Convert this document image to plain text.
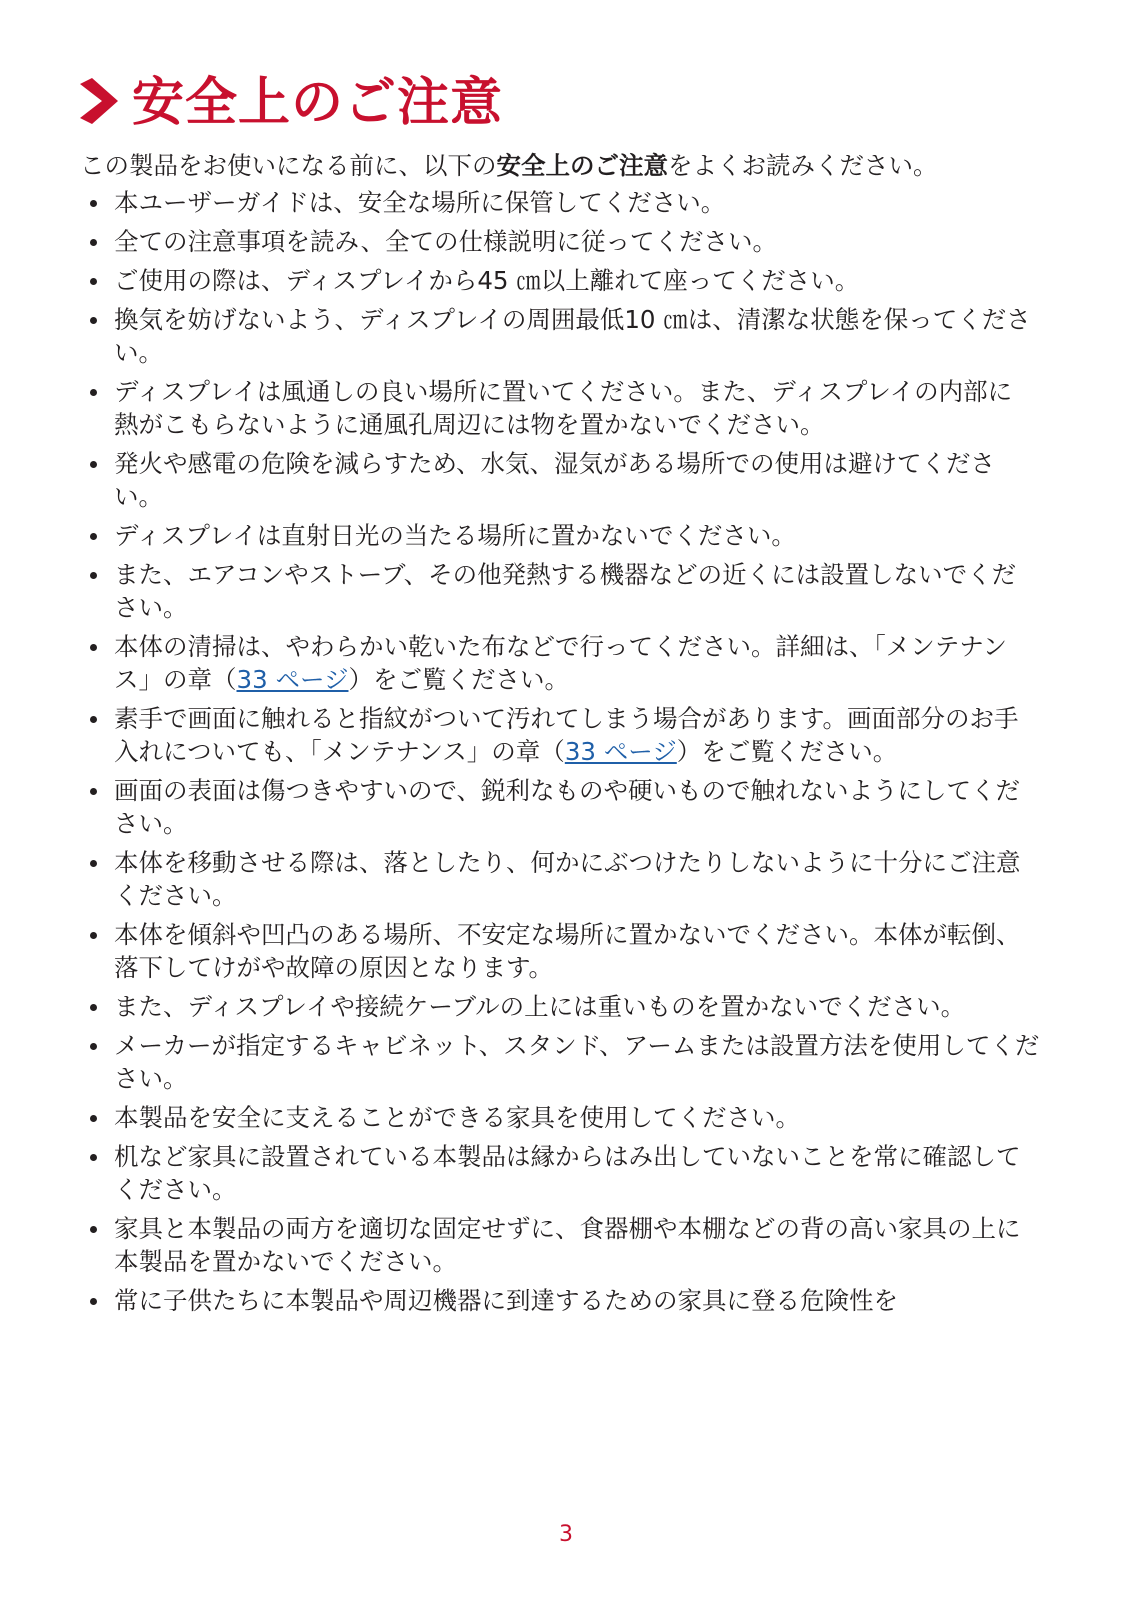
安全上のご注意
この製品をお使いになる前に、以下の安全上のご注意をよくお読みください。
本ユーザーガイドは、安全な場所に保管してください。
全ての注意事項を読み、全ての仕様説明に従ってください。
ご使用の際は、ディスプレイから45 ㎝以上離れて座ってください。
換気を妨げないよう、ディスプレイの周囲最低10 ㎝は、清潔な状態を保ってください。
ディスプレイは風通しの良い場所に置いてください。また、ディスプレイの内部に 熱がこもらないように通風孔周辺には物を置かないでください。
発火や感電の危険を減らすため、水気、湿気がある場所での使用は避けてください。
ディスプレイは直射日光の当たる場所に置かないでください。
また、エアコンやストーブ、その他発熱する機器などの近くには設置しないでください。
本体の清掃は、やわらかい乾いた布などで行ってください。詳細は、「メンテナンス」の章（33 ページ）をご覧ください。
素手で画面に触れると指紋がついて汚れてしまう場合があります。画面部分のお手入れについても、「メンテナンス」の章（33 ページ）をご覧ください。
画面の表面は傷つきやすいので、鋭利なものや硬いもので触れないようにしてください。
本体を移動させる際は、落としたり、何かにぶつけたりしないように十分にご注意ください。
本体を傾斜や凹凸のある場所、不安定な場所に置かないでください。本体が転倒、落下してけがや故障の原因となります。
また、ディスプレイや接続ケーブルの上には重いものを置かないでください。
メーカーが指定するキャビネット、スタンド、アームまたは設置方法を使用してください。
本製品を安全に支えることができる家具を使用してください。
机など家具に設置されている本製品は縁からはみ出していないことを常に確認してください。
家具と本製品の両方を適切な固定せずに、食器棚や本棚などの背の高い家具の上に本製品を置かないでください。
常に子供たちに本製品や周辺機器に到達するための家具に登る危険性を
3
